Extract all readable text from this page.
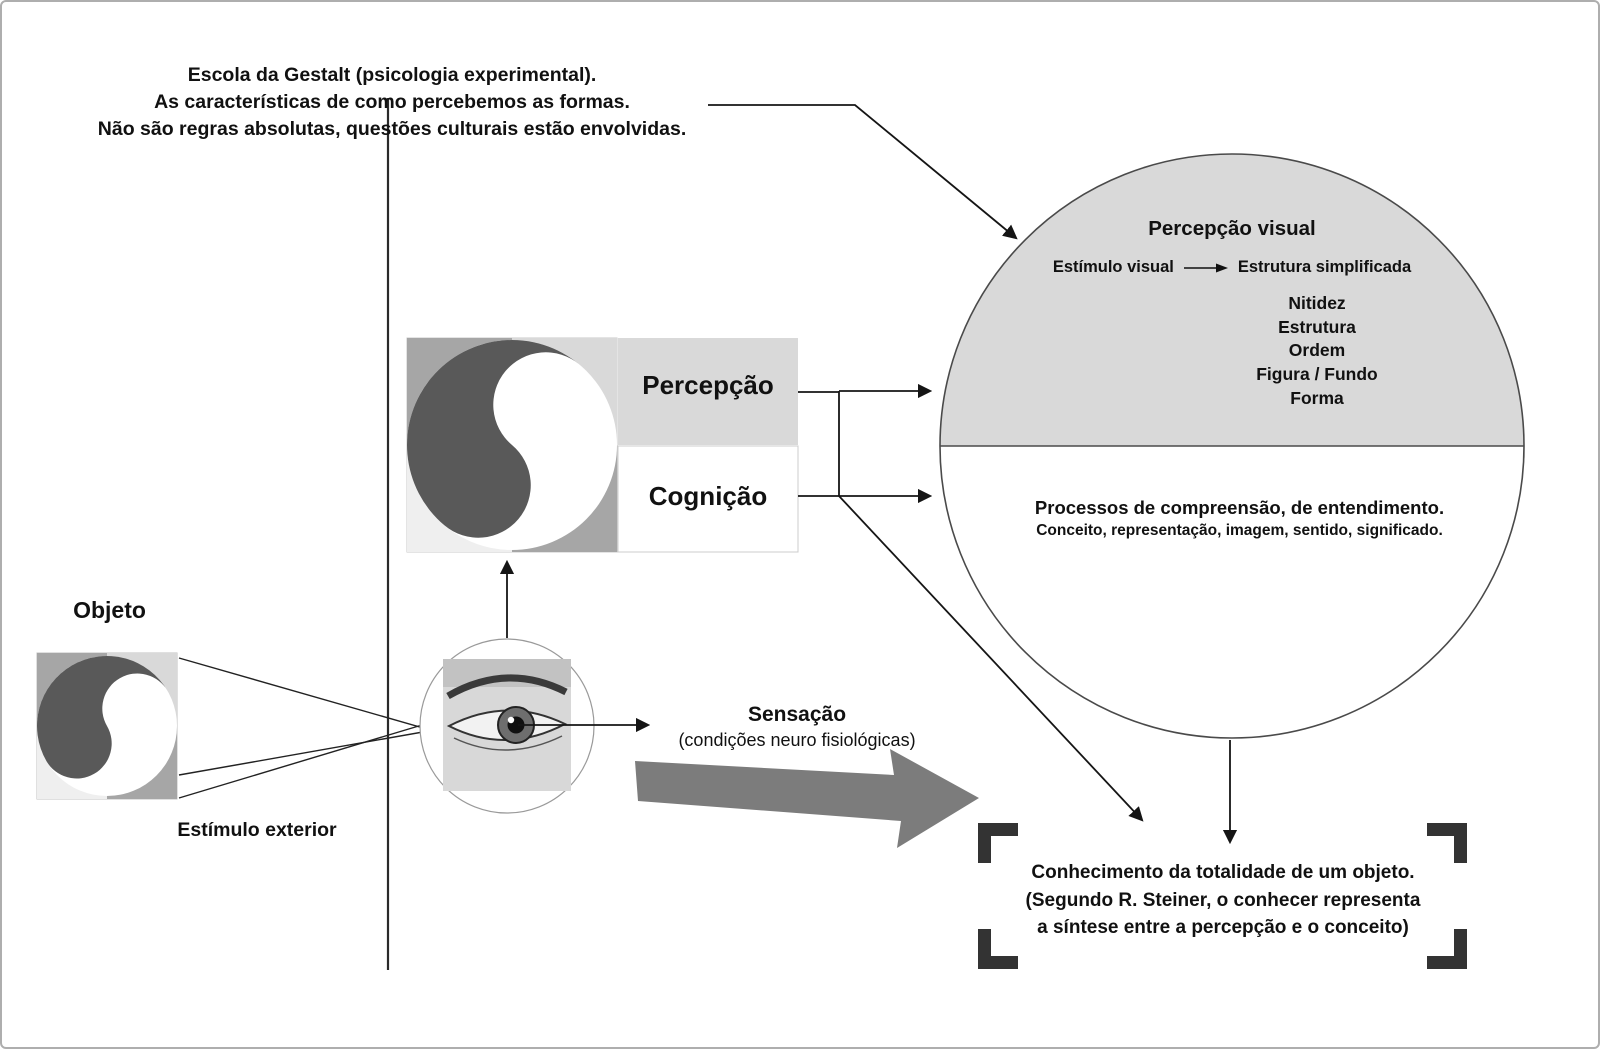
Escola da Gestalt (psicologia experimental).
As características de como percebemos as formas.
Não são regras absolutas, questões culturais estão envolvidas.
Percepção visual
Estímulo visual	Estrutura simplificada
Nitidez
Estrutura
Ordem
Figura / Fundo
Forma
Processos de compreensão, de entendimento.
Conceito, representação, imagem, sentido, significado.
Percepção
Cognição
Objeto
Estímulo exterior
Sensação
(condições neuro fisiológicas)
Conhecimento da totalidade de um objeto.
(Segundo R. Steiner, o conhecer representa
a síntese entre a percepção e o conceito)
